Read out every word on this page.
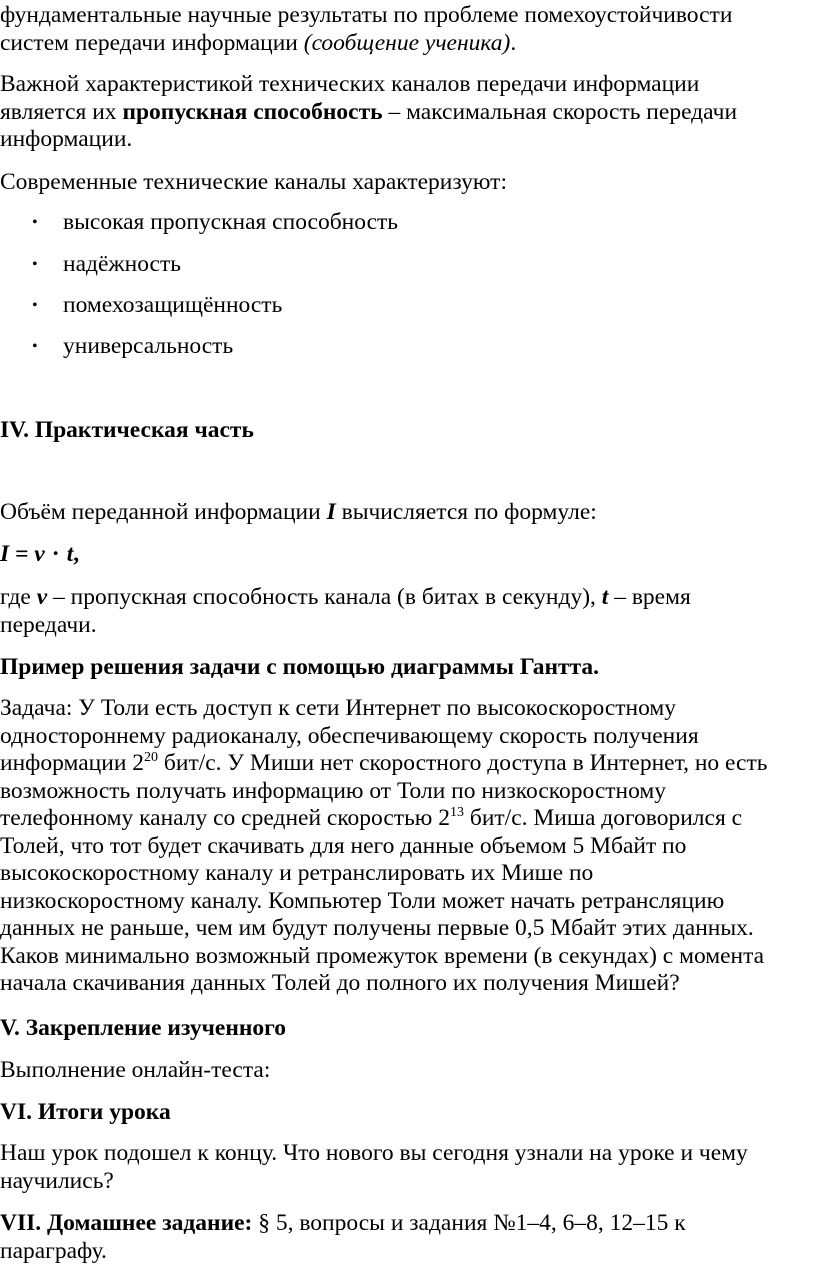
фундаментальные научные результаты по проблеме помехоустойчивости
систем передачи информации (сообщение ученика).
Важной характеристикой технических каналов передачи информации
является их пропускная способность – максимальная скорость передачи
информации.
Современные технические каналы характеризуют:
• высокая пропускная способность
• надёжность
• помехозащищённость
• универсальность
IV. Практическая часть
Объём переданной информации I вычисляется по формуле:
I = v · t,
где v – пропускная способность канала (в битах в секунду), t – время
передачи.
Пример решения задачи с помощью диаграммы Гантта.
Задача: У Толи есть доступ к сети Интернет по высокоскоростному
одностороннему радиоканалу, обеспечивающему скорость получения
информации $2^{20}$ бит/с. У Миши нет скоростного доступа в Интернет, но есть
возможность получать информацию от Толи по низкоскоростному
телефонному каналу со средней скоростью $2^{13}$ бит/с. Миша договорился с
Толей, что тот будет скачивать для него данные объемом 5 Мбайт по
высокоскоростному каналу и ретранслировать их Мише по
низкоскоростному каналу. Компьютер Толи может начать ретрансляцию
данных не раньше, чем им будут получены первые 0,5 Мбайт этих данных.
Каков минимально возможный промежуток времени (в секундах) с момента
начала скачивания данных Толей до полного их получения Мишей?
V. Закрепление изученного
Выполнение онлайн-теста:
VI. Итоги урока
Наш урок подошел к концу. Что нового вы сегодня узнали на уроке и чему
научились?
VII. Домашнее задание: § 5, вопросы и задания №1–4, 6–8, 12–15 к
параграфу.
